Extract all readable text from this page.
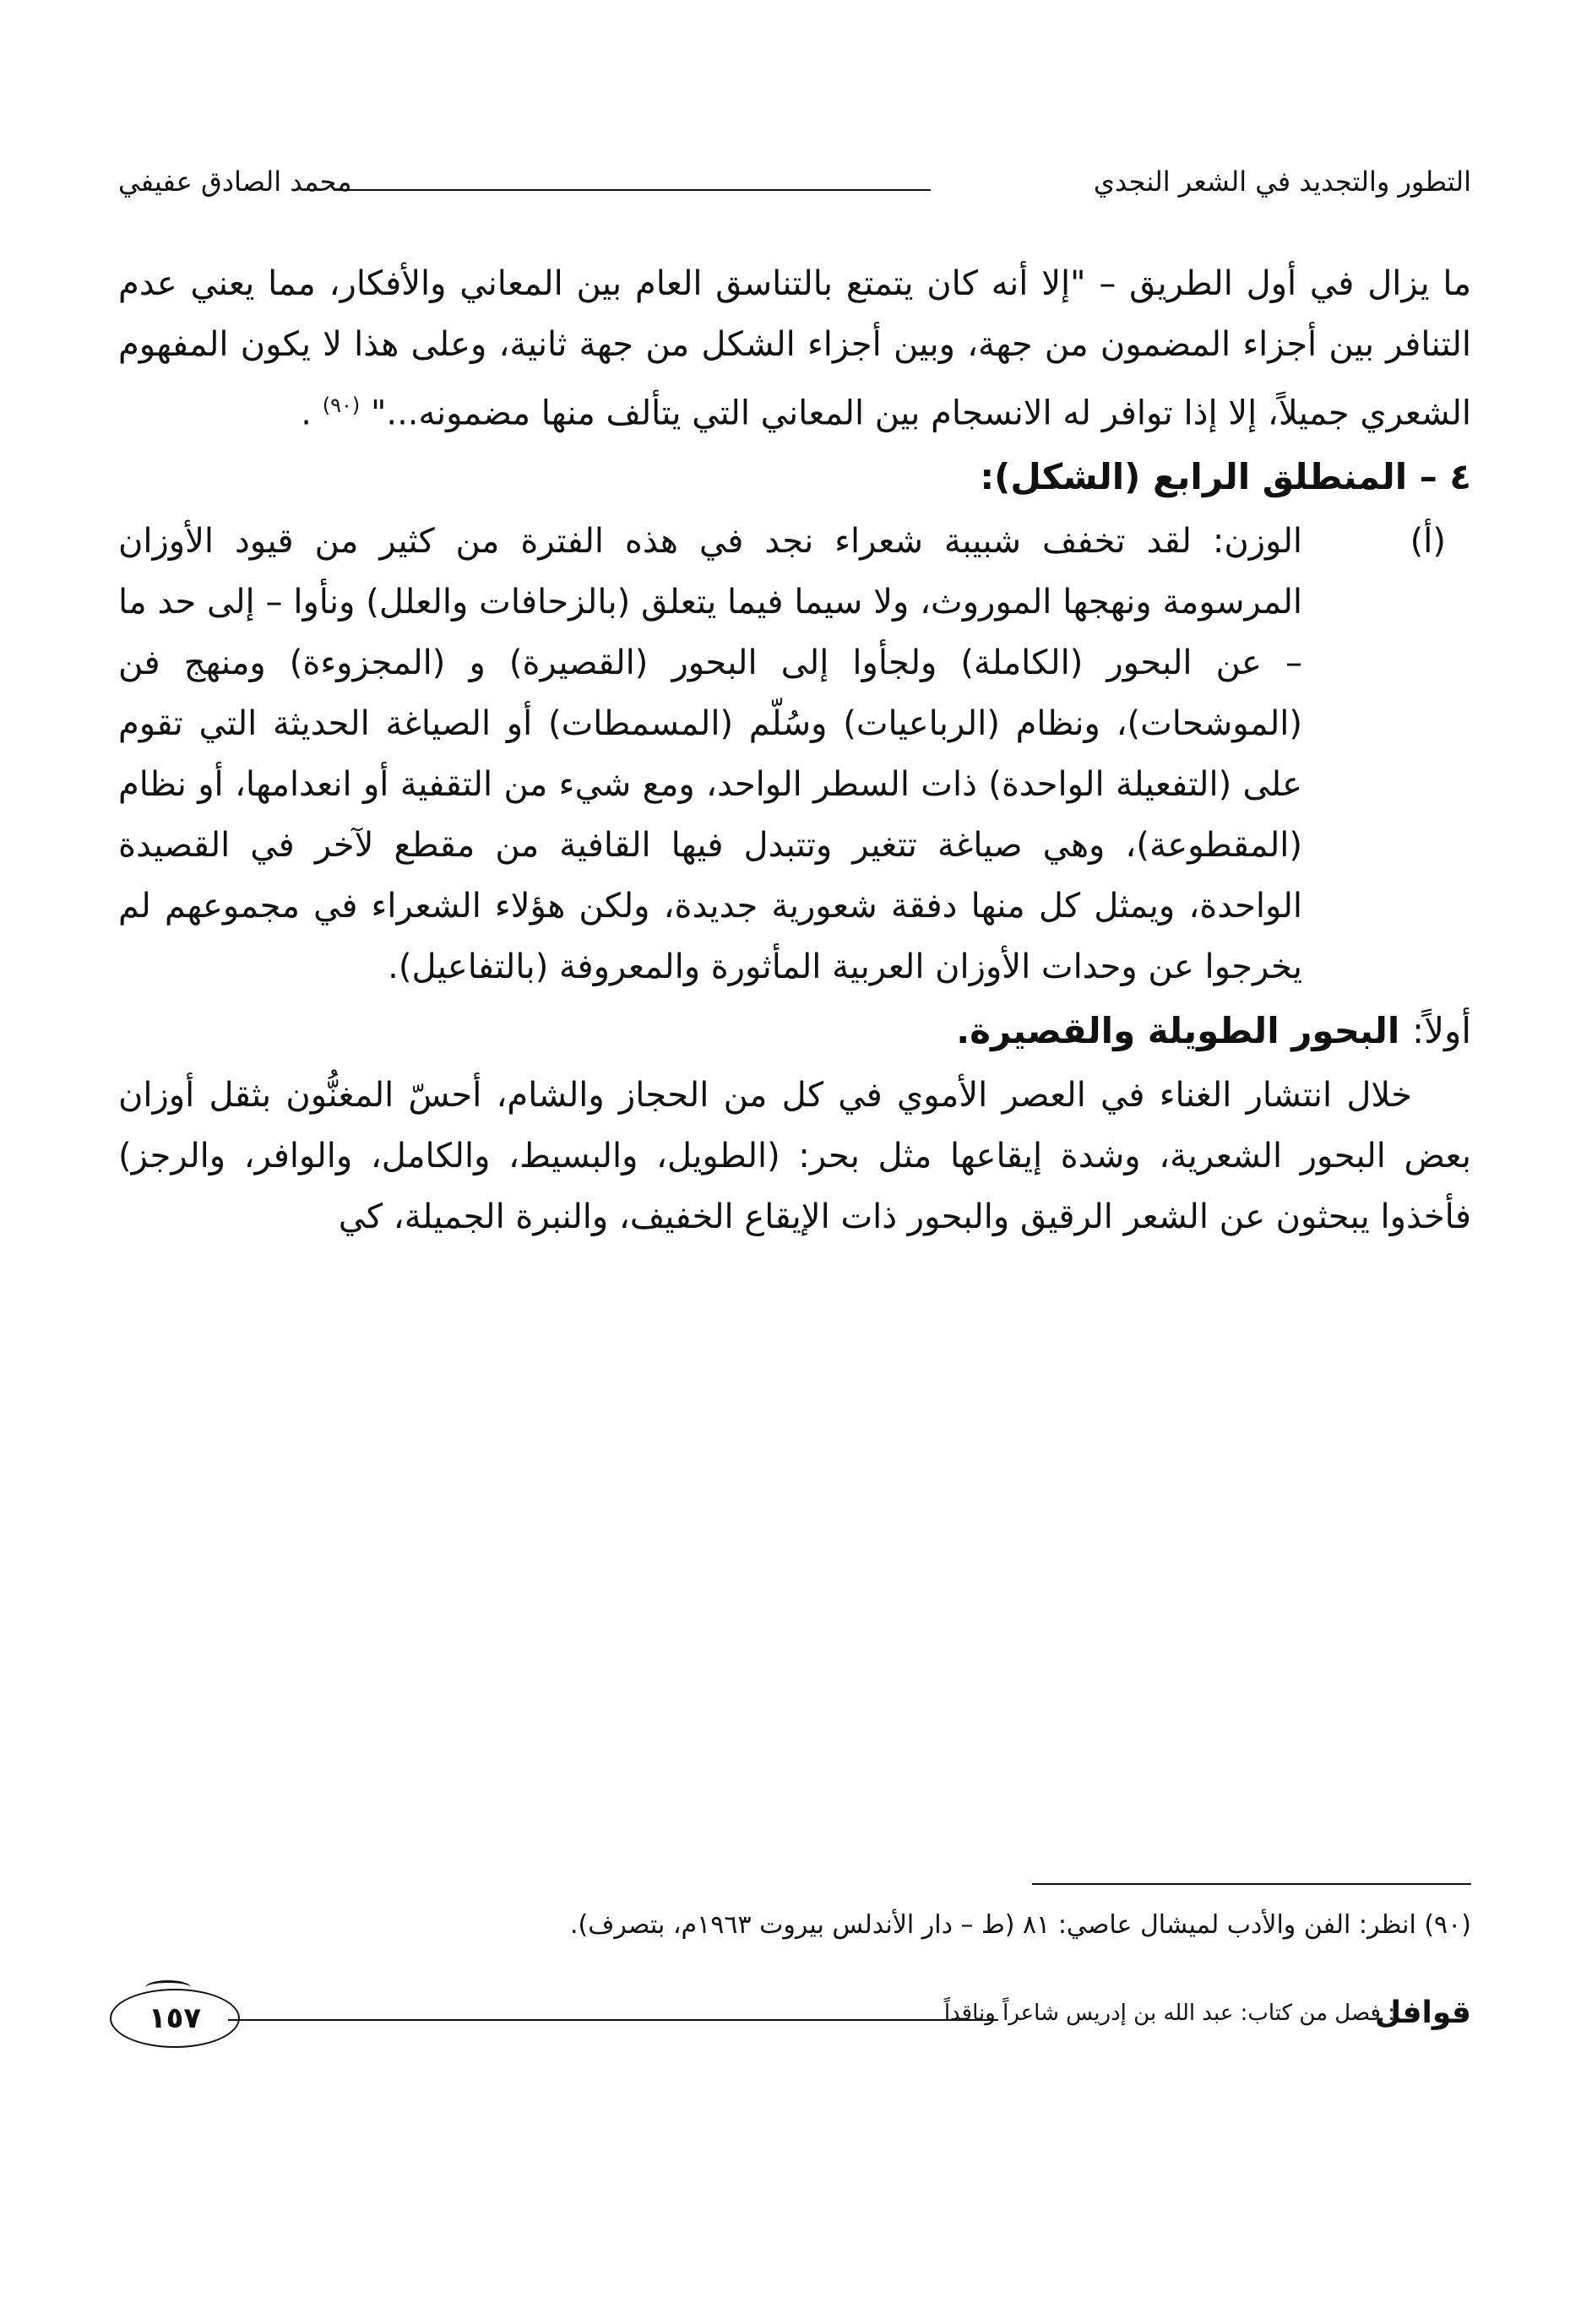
التطور والتجديد في الشعر النجدي
محمد الصادق عفيفي

ما يزال في أول الطريق – "إلا أنه كان يتمتع بالتناسق العام بين المعاني والأفكار، مما يعني عدم التنافر بين أجزاء المضمون من جهة، وبين أجزاء الشكل من جهة ثانية، وعلى هذا لا يكون المفهوم الشعري جميلاً، إلا إذا توافر له الانسجام بين المعاني التي يتألف منها مضمونه..." $^{(٩٠)}$ .

٤ – المنطلق الرابع (الشكل):

(أ)

الوزن: لقد تخفف شبيبة شعراء نجد في هذه الفترة من كثير من قيود الأوزان المرسومة ونهجها الموروث، ولا سيما فيما يتعلق (بالزحافات والعلل) ونأوا – إلى حد ما – عن البحور (الكاملة) ولجأوا إلى البحور (القصيرة) و (المجزوءة) ومنهج فن (الموشحات)، ونظام (الرباعيات) وسُلّم (المسمطات) أو الصياغة الحديثة التي تقوم على (التفعيلة الواحدة) ذات السطر الواحد، ومع شيء من التقفية أو انعدامها، أو نظام (المقطوعة)، وهي صياغة تتغير وتتبدل فيها القافية من مقطع لآخر في القصيدة الواحدة، ويمثل كل منها دفقة شعورية جديدة، ولكن هؤلاء الشعراء في مجموعهم لم يخرجوا عن وحدات الأوزان العربية المأثورة والمعروفة (بالتفاعيل).

أولاً: البحور الطويلة والقصيرة.

خلال انتشار الغناء في العصر الأموي في كل من الحجاز والشام، أحسّ المغنُّون بثقل أوزان بعض البحور الشعرية، وشدة إيقاعها مثل بحر: (الطويل، والبسيط، والكامل، والوافر، والرجز) فأخذوا يبحثون عن الشعر الرقيق والبحور ذات الإيقاع الخفيف، والنبرة الجميلة، كي

(٩٠) انظر: الفن والأدب لميشال عاصي: ٨١ (ط – دار الأندلس بيروت ١٩٦٣م، بتصرف).
قوافل
: فصل من كتاب: عبد الله بن إدريس شاعراً وناقداً
١٥٧
